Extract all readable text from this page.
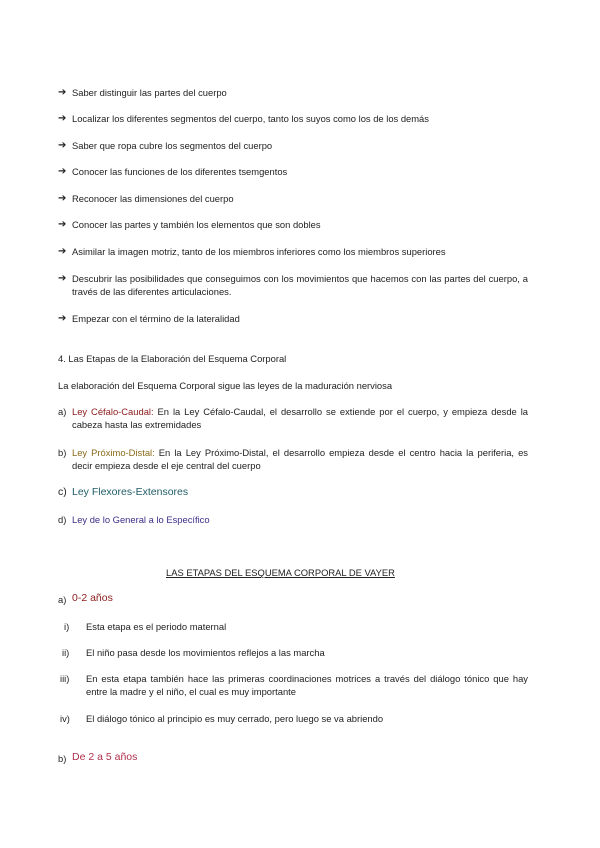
➔ Saber distinguir las partes del cuerpo
➔ Localizar los diferentes segmentos del cuerpo, tanto los suyos como los de los demás
➔ Saber que ropa cubre los segmentos del cuerpo
➔ Conocer las funciones de los diferentes tsemgentos
➔ Reconocer las dimensiones del cuerpo
➔ Conocer las partes y también los elementos que son dobles
➔ Asimilar la imagen motriz, tanto de los miembros inferiores como los miembros superiores
➔ Descubrir las posibilidades que conseguimos con los movimientos que hacemos con las partes del cuerpo, a través de las diferentes articulaciones.
➔ Empezar con el término de la lateralidad
4. Las Etapas de la Elaboración del Esquema Corporal
La elaboración del Esquema Corporal sigue las leyes de la maduración nerviosa
a) Ley Céfalo-Caudal: En la Ley Céfalo-Caudal, el desarrollo se extiende por el cuerpo, y empieza desde la cabeza hasta las extremidades
b) Ley Próximo-Distal: En la Ley Próximo-Distal, el desarrollo empieza desde el centro hacia la periferia, es decir empieza desde el eje central del cuerpo
c) Ley Flexores-Extensores
d) Ley de lo General a lo Específico
LAS ETAPAS DEL ESQUEMA CORPORAL DE VAYER
a) 0-2 años
i) Esta etapa es el periodo maternal
ii) El niño pasa desde los movimientos reflejos a las marcha
iii) En esta etapa también hace las primeras coordinaciones motrices a través del diálogo tónico que hay entre la madre y el niño, el cual es muy importante
iv) El diálogo tónico al principio es muy cerrado, pero luego se va abriendo
b) De 2 a 5 años
